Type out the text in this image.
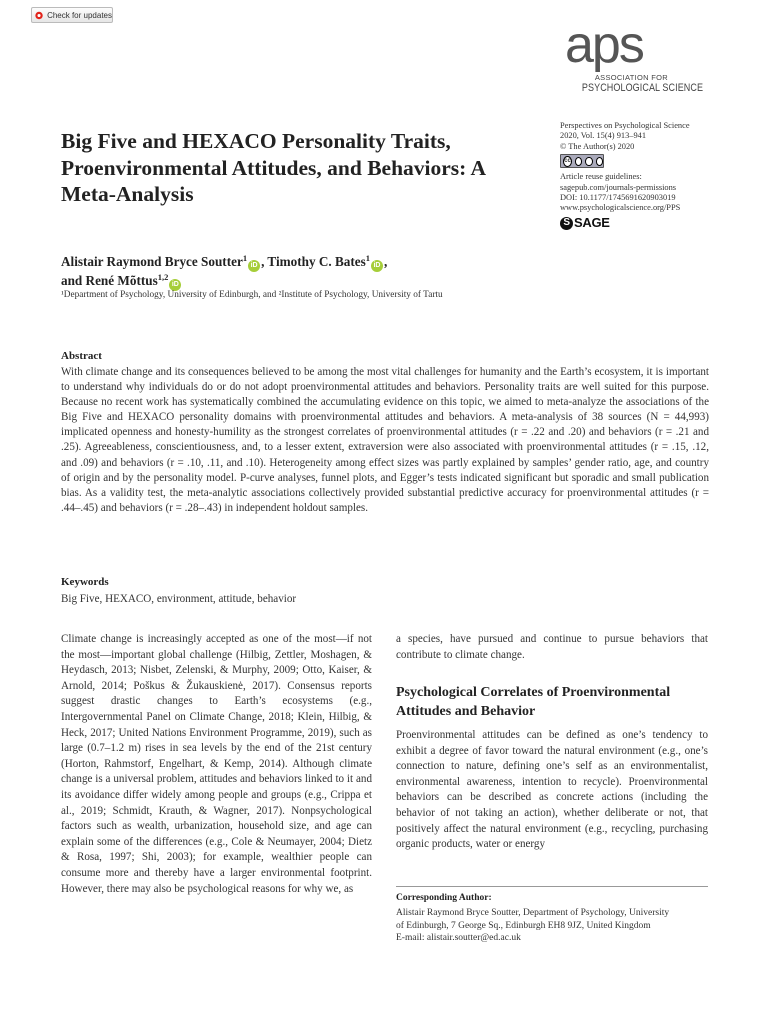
Check for updates
aps
ASSOCIATION FOR
PSYCHOLOGICAL SCIENCE
Perspectives on Psychological Science
2020, Vol. 15(4) 913–941
© The Author(s) 2020
cc
Article reuse guidelines:
sagepub.com/journals-permissions
DOI: 10.1177/1745691620903019
www.psychologicalscience.org/PPS
S SAGE
Big Five and HEXACO Personality Traits, Proenvironmental Attitudes, and Behaviors: A Meta-Analysis
Alistair Raymond Bryce Soutter$^1$iD , Timothy C. Bates$^1$iD ,
and René Mõttus$^{1,2}$iD
¹Department of Psychology, University of Edinburgh, and ²Institute of Psychology, University of Tartu
Abstract

With climate change and its consequences believed to be among the most vital challenges for humanity and the Earth’s ecosystem, it is important to understand why individuals do or do not adopt proenvironmental attitudes and behaviors. Personality traits are well suited for this purpose. Because no recent work has systematically combined the accumulating evidence on this topic, we aimed to meta-analyze the associations of the Big Five and HEXACO personality domains with proenvironmental attitudes and behaviors. A meta-analysis of 38 sources (N = 44,993) implicated openness and honesty-humility as the strongest correlates of proenvironmental attitudes (r = .22 and .20) and behaviors (r = .21 and .25). Agreeableness, conscientiousness, and, to a lesser extent, extraversion were also associated with proenvironmental attitudes (r = .15, .12, and .09) and behaviors (r = .10, .11, and .10). Heterogeneity among effect sizes was partly explained by samples’ gender ratio, age, and country of origin and by the personality model. P-curve analyses, funnel plots, and Egger’s tests indicated significant but sporadic and small publication bias. As a validity test, the meta-analytic associations collectively provided substantial predictive accuracy for proenvironmental attitudes (r = .44–.45) and behaviors (r = .28–.43) in independent holdout samples.

Keywords

Big Five, HEXACO, environment, attitude, behavior

Climate change is increasingly accepted as one of the most—if not the most—important global challenge (Hilbig, Zettler, Moshagen, & Heydasch, 2013; Nisbet, Zelenski, & Murphy, 2009; Otto, Kaiser, & Arnold, 2014; Poškus & Žukauskienė, 2017). Consensus reports suggest drastic changes to Earth’s ecosystems (e.g., Intergovernmental Panel on Climate Change, 2018; Klein, Hilbig, & Heck, 2017; United Nations Environment Programme, 2019), such as large (0.7–1.2 m) rises in sea levels by the end of the 21st century (Horton, Rahmstorf, Engelhart, & Kemp, 2014). Although climate change is a universal problem, attitudes and behaviors linked to it and its avoidance differ widely among people and groups (e.g., Crippa et al., 2019; Schmidt, Krauth, & Wagner, 2017). Nonpsychological factors such as wealth, urbanization, household size, and age can explain some of the differences (e.g., Cole & Neumayer, 2004; Dietz & Rosa, 1997; Shi, 2003); for example, wealthier people can consume more and thereby have a larger environmental footprint. However, there may also be psychological reasons for why we, as

a species, have pursued and continue to pursue behaviors that contribute to climate change.

Psychological Correlates of Proenvironmental Attitudes and Behavior

Proenvironmental attitudes can be defined as one’s tendency to exhibit a degree of favor toward the natural environment (e.g., one’s connection to nature, defining one’s self as an environmentalist, environmental awareness, intention to recycle). Proenvironmental behaviors can be described as concrete actions (including the behavior of not taking an action), whether deliberate or not, that positively affect the natural environment (e.g., recycling, purchasing organic products, water or energy

Corresponding Author:
Alistair Raymond Bryce Soutter, Department of Psychology, University
of Edinburgh, 7 George Sq., Edinburgh EH8 9JZ, United Kingdom
E-mail: alistair.soutter@ed.ac.uk
